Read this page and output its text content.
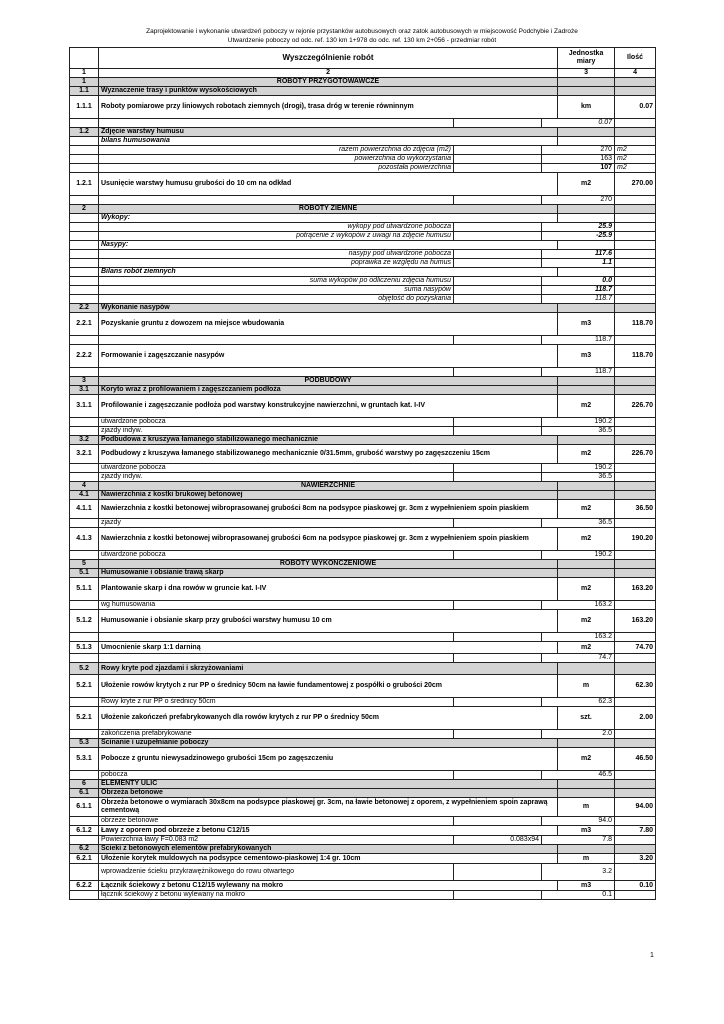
Zaprojektowanie i wykonanie utwardzeń poboczy w rejonie przystanków autobusowych oraz zatok autobusowych w miejscowość Podchybie i Zadroże
Utwardzenie poboczy od odc. ref. 130 km 1+978 do odc. ref. 130 km 2+056 - przedmiar robót
	Wyszczególnienie robót			Jednostka miary	Ilość
1	2			3	4
1	ROBOTY PRZYGOTOWAWCZE				
1.1	Wyznaczenie trasy i punktów wysokościowych				
1.1.1	Roboty pomiarowe przy liniowych robotach ziemnych (drogi), trasa dróg w terenie równinnym			km	0.07
			0.07		
1.2	Zdjęcie warstwy humusu				
	bilans humusowania				
	razem powierzchnia do zdjęcia (m2)		270		m2
	powierzchnia do wykorzystania		163		m2
	pozostała powierzchnia		107		m2
1.2.1	Usunięcie warstwy humusu grubości do 10 cm na odkład			m2	270.00
			270		
2	ROBOTY ZIEMNE				
	Wykopy:				
	wykopy pod utwardzone pobocza		25.9		
	potrącenie z wykopów z uwagi na zdjęcie humusu		-25.9		
	Nasypy:				
	nasypy pod utwardzone pobocza		117.6		
	poprawka ze względu na humus		1.1		
	Bilans robót ziemnych				
	suma wykopów po odliczeniu zdjęcia humusu		0.0		
	suma nasypów		118.7		
	objętość do pozyskania		118.7		
2.2	Wykonanie nasypów				
2.2.1	Pozyskanie gruntu z dowozem na miejsce wbudowania			m3	118.70
			118.7		
2.2.2	Formowanie i zagęszczanie nasypów			m3	118.70
			118.7		
3	PODBUDOWY				
3.1	Koryto wraz z profilowaniem i zagęszczaniem podłoża				
3.1.1	Profilowanie i zagęszczanie podłoża pod warstwy konstrukcyjne nawierzchni, w gruntach kat. I-IV			m2	226.70
	utwardzone pobocza		190.2		
	zjazdy indyw.		36.5		
3.2	Podbudowa z kruszywa łamanego stabilizowanego mechanicznie				
3.2.1	Podbudowy z kruszywa łamanego stabilizowanego mechanicznie 0/31.5mm, grubość warstwy po zagęszczeniu 15cm			m2	226.70
	utwardzone pobocza		190.2		
	zjazdy indyw.		36.5		
4	NAWIERZCHNIE				
4.1	Nawierzchnia z kostki brukowej betonowej				
4.1.1	Nawierzchnia z kostki betonowej wibroprasowanej grubości 8cm na podsypce piaskowej gr. 3cm z wypełnieniem spoin piaskiem			m2	36.50
	zjazdy		36.5		
4.1.3	Nawierzchnia z kostki betonowej wibroprasowanej grubości 6cm na podsypce piaskowej gr. 3cm z wypełnieniem spoin piaskiem			m2	190.20
	utwardzone pobocza		190.2		
5	ROBOTY WYKOŃCZENIOWE				
5.1	Humusowanie i obsianie trawą skarp				
5.1.1	Plantowanie skarp i dna rowów w gruncie kat. I-IV			m2	163.20
	wg humusowania		163.2		
5.1.2	Humusowanie i obsianie skarp przy grubości warstwy humusu 10 cm			m2	163.20
			163.2		
5.1.3	Umocnienie skarp 1:1 darniną			m2	74.70
			74.7		
5.2	Rowy kryte pod zjazdami i skrzyżowaniami				
5.2.1	Ułożenie rowów krytych z rur PP o średnicy 50cm na ławie fundamentowej z pospółki o grubości 20cm			m	62.30
	Rowy kryte z rur PP o średnicy 50cm		62.3		
5.2.1	Ułożenie zakończeń prefabrykowanych dla rowów krytych z rur PP o średnicy 50cm			szt.	2.00
	zakończenia prefabrykowane		2.0		
5.3	Ścinanie i uzupełnianie poboczy				
5.3.1	Pobocze z gruntu niewysadzinowego grubości 15cm po zagęszczeniu			m2	46.50
	pobocza		46.5		
6	ELEMENTY ULIC				
6.1	Obrzeża betonowe				
6.1.1	Obrzeża betonowe o wymiarach 30x8cm na podsypce piaskowej gr. 3cm, na ławie betonowej z oporem, z wypełnieniem spoin zaprawą cementową			m	94.00
	obrzeże betonowe		94.0		
6.1.2	Ławy z oporem pod obrzeże z betonu C12/15			m3	7.80
	Powierzchnia ławy F=0.083 m2	0.083x94	7.8		
6.2	Ścieki z betonowych elementów prefabrykowanych				
6.2.1	Ułożenie korytek muldowych na podsypce cementowo-piaskowej 1:4 gr. 10cm			m	3.20
	wprowadzenie ścieku przykrawężnikowego do rowu otwartego		3.2		
6.2.2	Łącznik ściekowy z betonu C12/15 wylewany na mokro			m3	0.10
	łącznik ściekowy z betonu wylewany na mokro		0.1		
1
